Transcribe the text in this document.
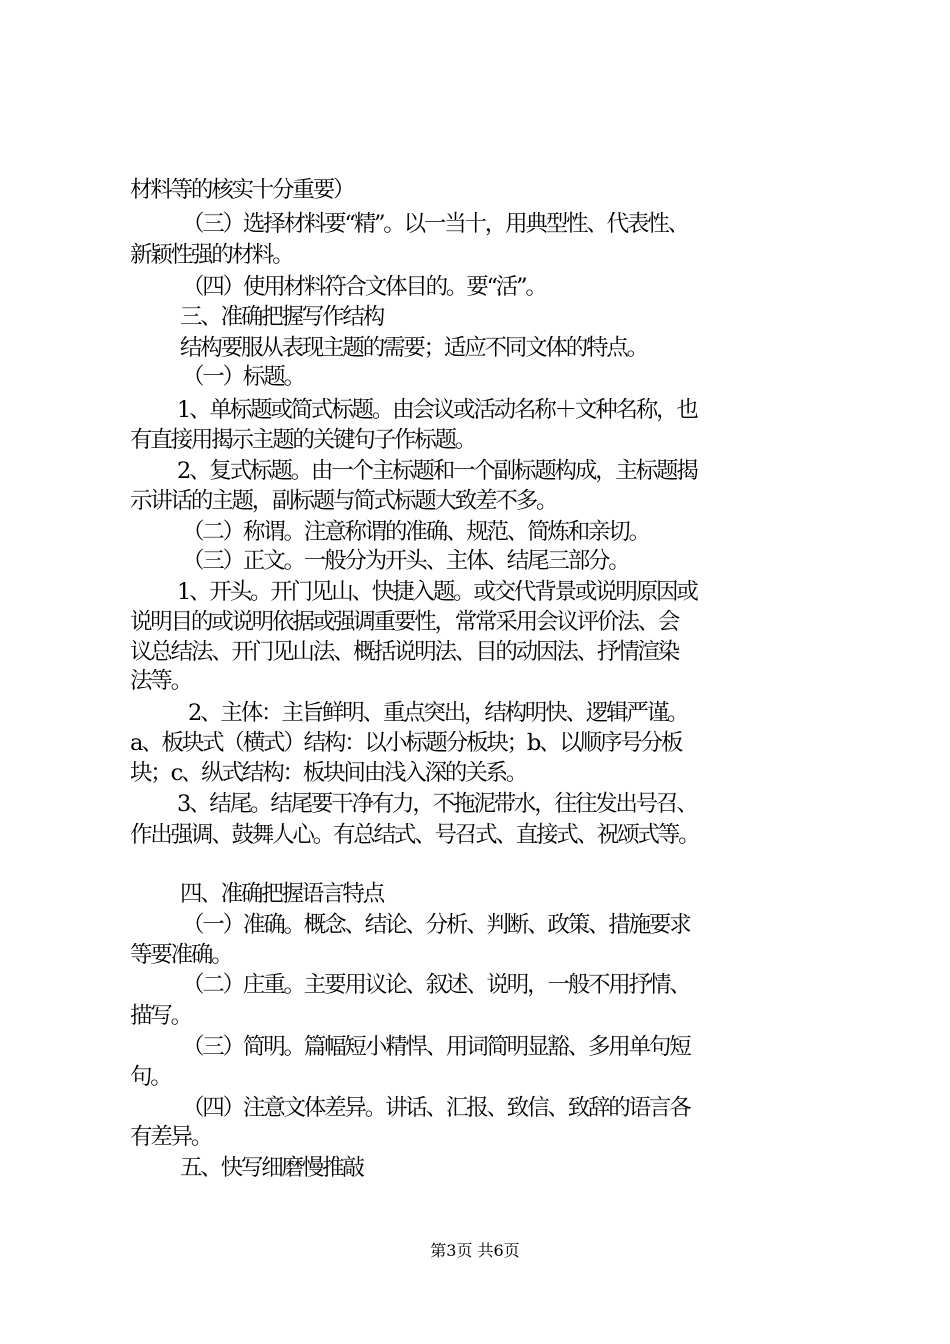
材料等的核实十分重要）
（三）选择材料要“精”。以一当十，用典型性、代表性、
新颖性强的材料。
（四）使用材料符合文体目的。要“活”。
三、准确把握写作结构
结构要服从表现主题的需要；适应不同文体的特点。
（一）标题。
1、单标题或简式标题。由会议或活动名称＋文种名称，也
有直接用揭示主题的关键句子作标题。
2、复式标题。由一个主标题和一个副标题构成，主标题揭
示讲话的主题，副标题与简式标题大致差不多。
（二）称谓。注意称谓的准确、规范、简炼和亲切。
（三）正文。一般分为开头、主体、结尾三部分。
1、开头。开门见山、快捷入题。或交代背景或说明原因或
说明目的或说明依据或强调重要性，常常采用会议评价法、会
议总结法、开门见山法、概括说明法、目的动因法、抒情渲染
法等。
2、主体：主旨鲜明、重点突出，结构明快、逻辑严谨。
a、板块式（横式）结构：以小标题分板块；b、以顺序号分板
块；c、纵式结构：板块间由浅入深的关系。
3、结尾。结尾要干净有力，不拖泥带水，往往发出号召、
作出强调、鼓舞人心。有总结式、号召式、直接式、祝颂式等。
四、准确把握语言特点
（一）准确。概念、结论、分析、判断、政策、措施要求
等要准确。
（二）庄重。主要用议论、叙述、说明，一般不用抒情、
描写。
（三）简明。篇幅短小精悍、用词简明显豁、多用单句短
句。
（四）注意文体差异。讲话、汇报、致信、致辞的语言各
有差异。
五、快写细磨慢推敲
第3页 共6页
